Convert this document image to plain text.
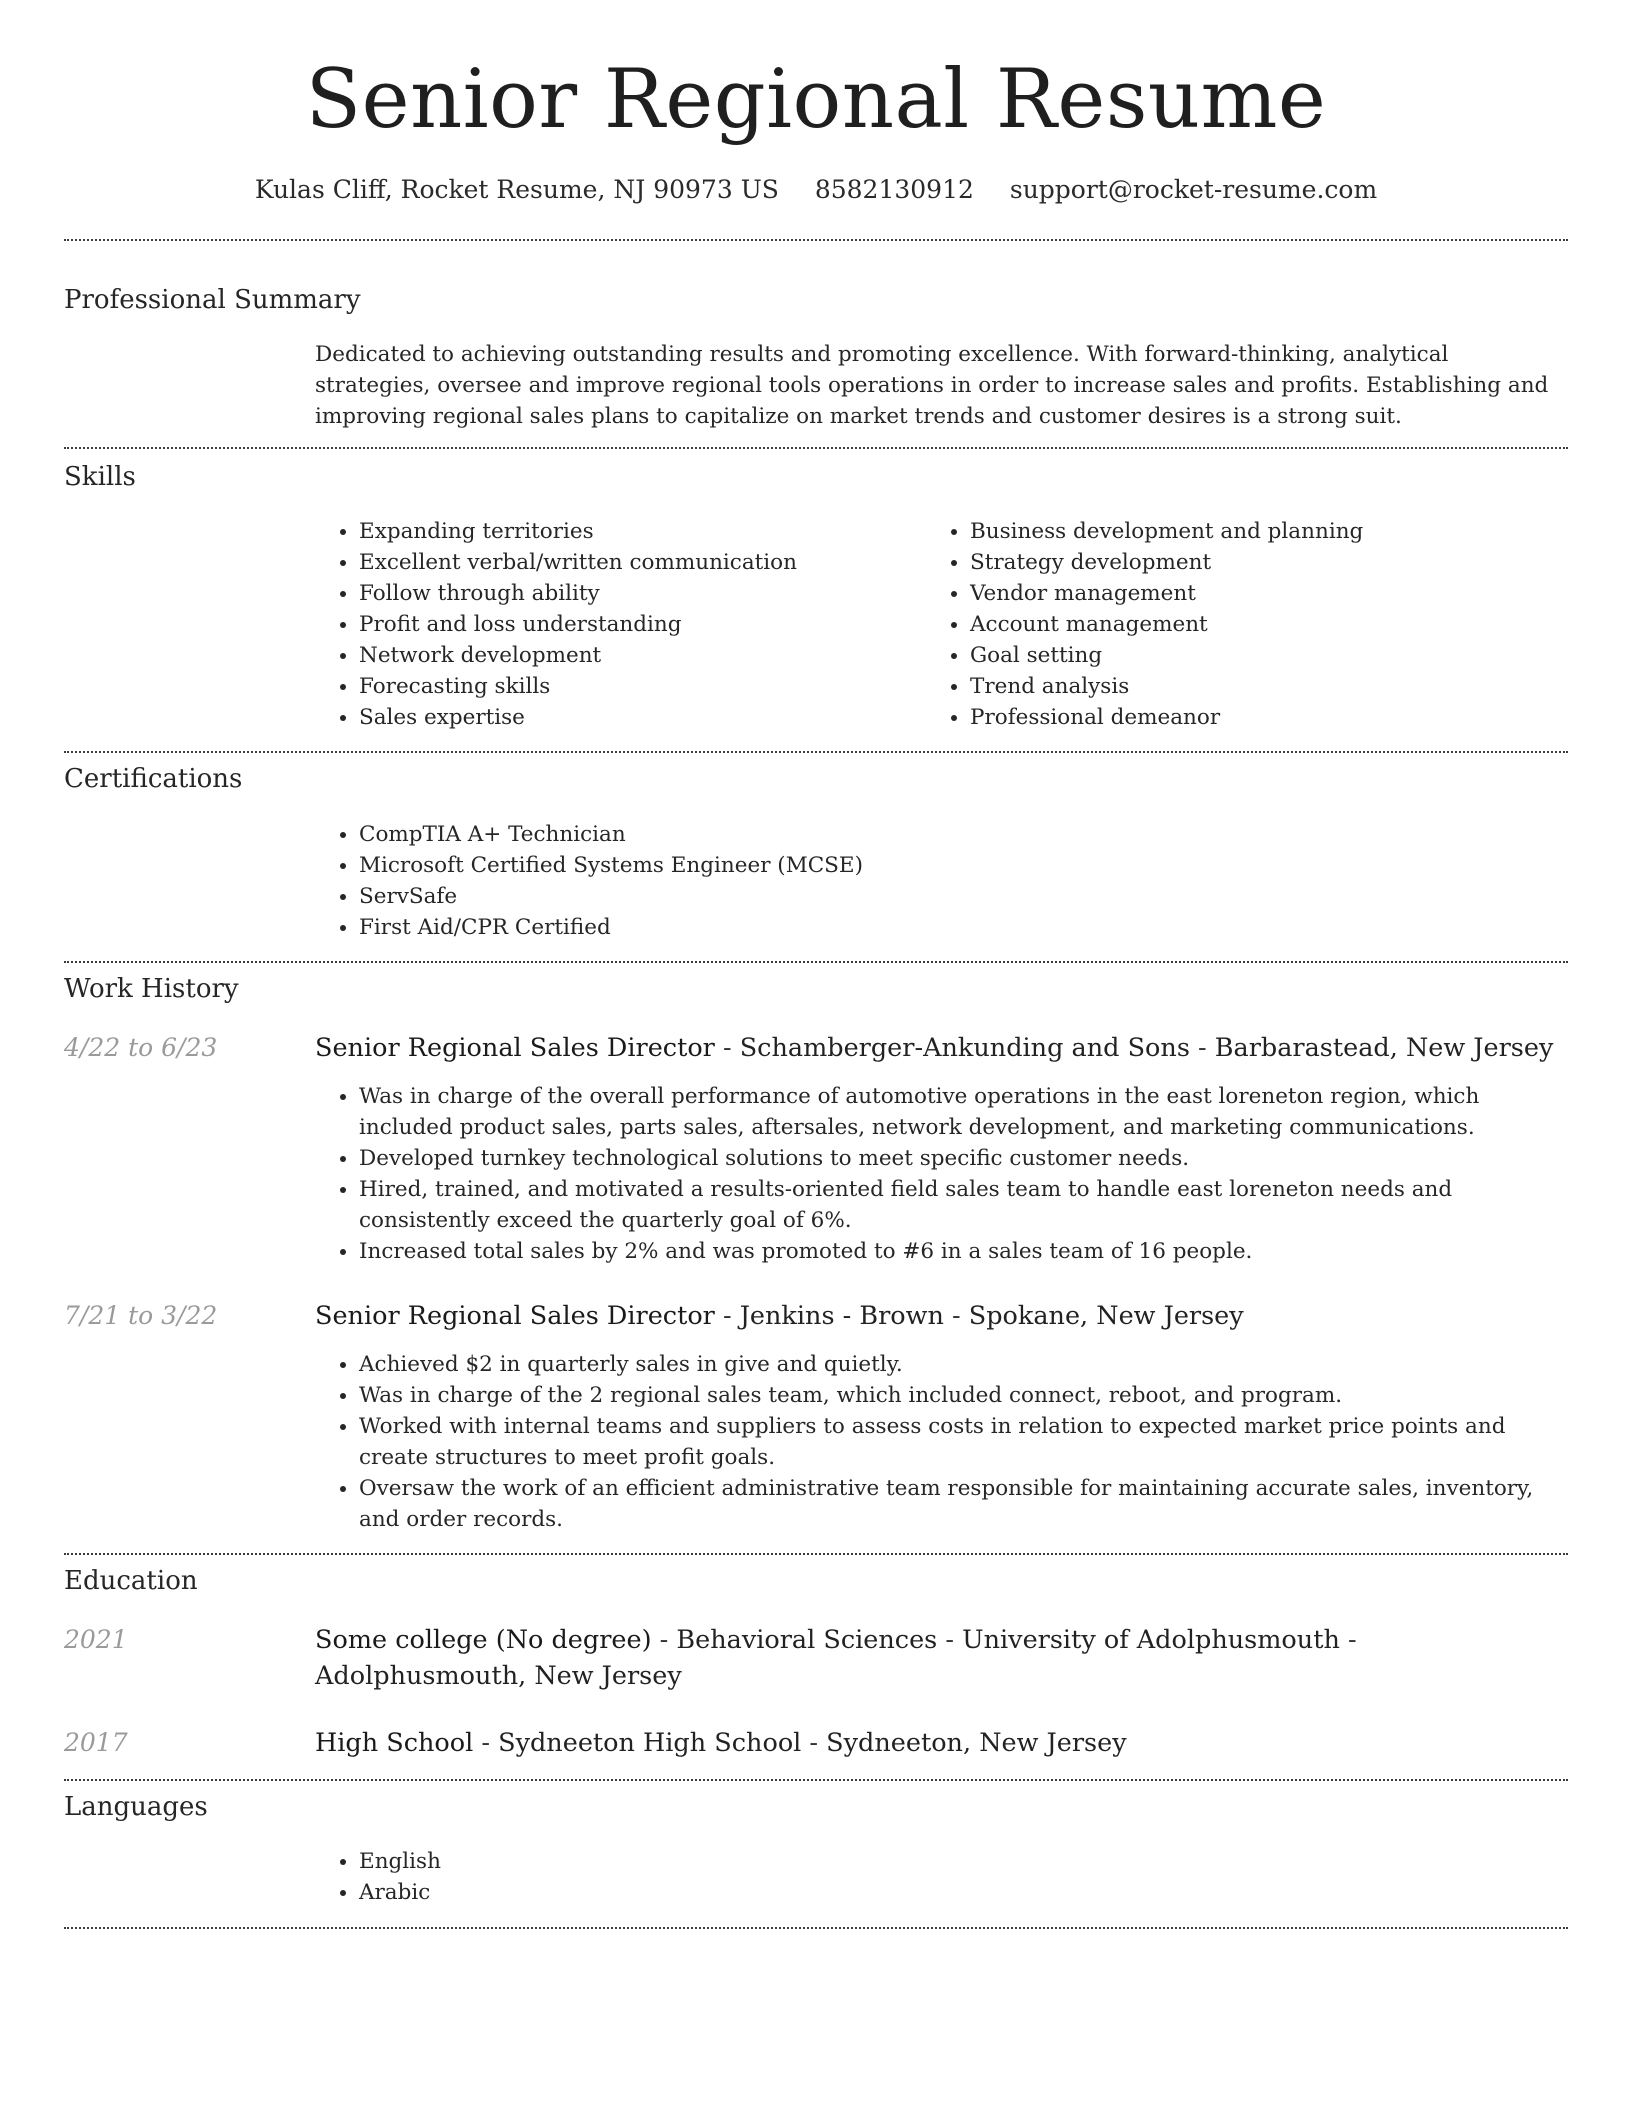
Senior Regional Resume
Kulas Cliff, Rocket Resume, NJ 90973 US 8582130912 support@rocket-resume.com
Professional Summary

Dedicated to achieving outstanding results and promoting excellence. With forward-thinking, analytical strategies, oversee and improve regional tools operations in order to increase sales and profits. Establishing and improving regional sales plans to capitalize on market trends and customer desires is a strong suit.

Skills
• Expanding territories
• Excellent verbal/written communication
• Follow through ability
• Profit and loss understanding
• Network development
• Forecasting skills
• Sales expertise
• Business development and planning
• Strategy development
• Vendor management
• Account management
• Goal setting
• Trend analysis
• Professional demeanor
Certifications
• CompTIA A+ Technician
• Microsoft Certified Systems Engineer (MCSE)
• ServSafe
• First Aid/CPR Certified
Work History
4/22 to 6/23	Senior Regional Sales Director - Schamberger-Ankunding and Sons - Barbarastead, New Jersey
• Was in charge of the overall performance of automotive operations in the east loreneton region, which included product sales, parts sales, aftersales, network development, and marketing communications.
• Developed turnkey technological solutions to meet specific customer needs.
• Hired, trained, and motivated a results-oriented field sales team to handle east loreneton needs and consistently exceed the quarterly goal of 6%.
• Increased total sales by 2% and was promoted to #6 in a sales team of 16 people.
7/21 to 3/22	Senior Regional Sales Director - Jenkins - Brown - Spokane, New Jersey
• Achieved $2 in quarterly sales in give and quietly.
• Was in charge of the 2 regional sales team, which included connect, reboot, and program.
• Worked with internal teams and suppliers to assess costs in relation to expected market price points and create structures to meet profit goals.
• Oversaw the work of an efficient administrative team responsible for maintaining accurate sales, inventory, and order records.
Education
2021	Some college (No degree) - Behavioral Sciences - University of Adolphusmouth - Adolphusmouth, New Jersey
2017	High School - Sydneeton High School - Sydneeton, New Jersey
Languages
• English
• Arabic
